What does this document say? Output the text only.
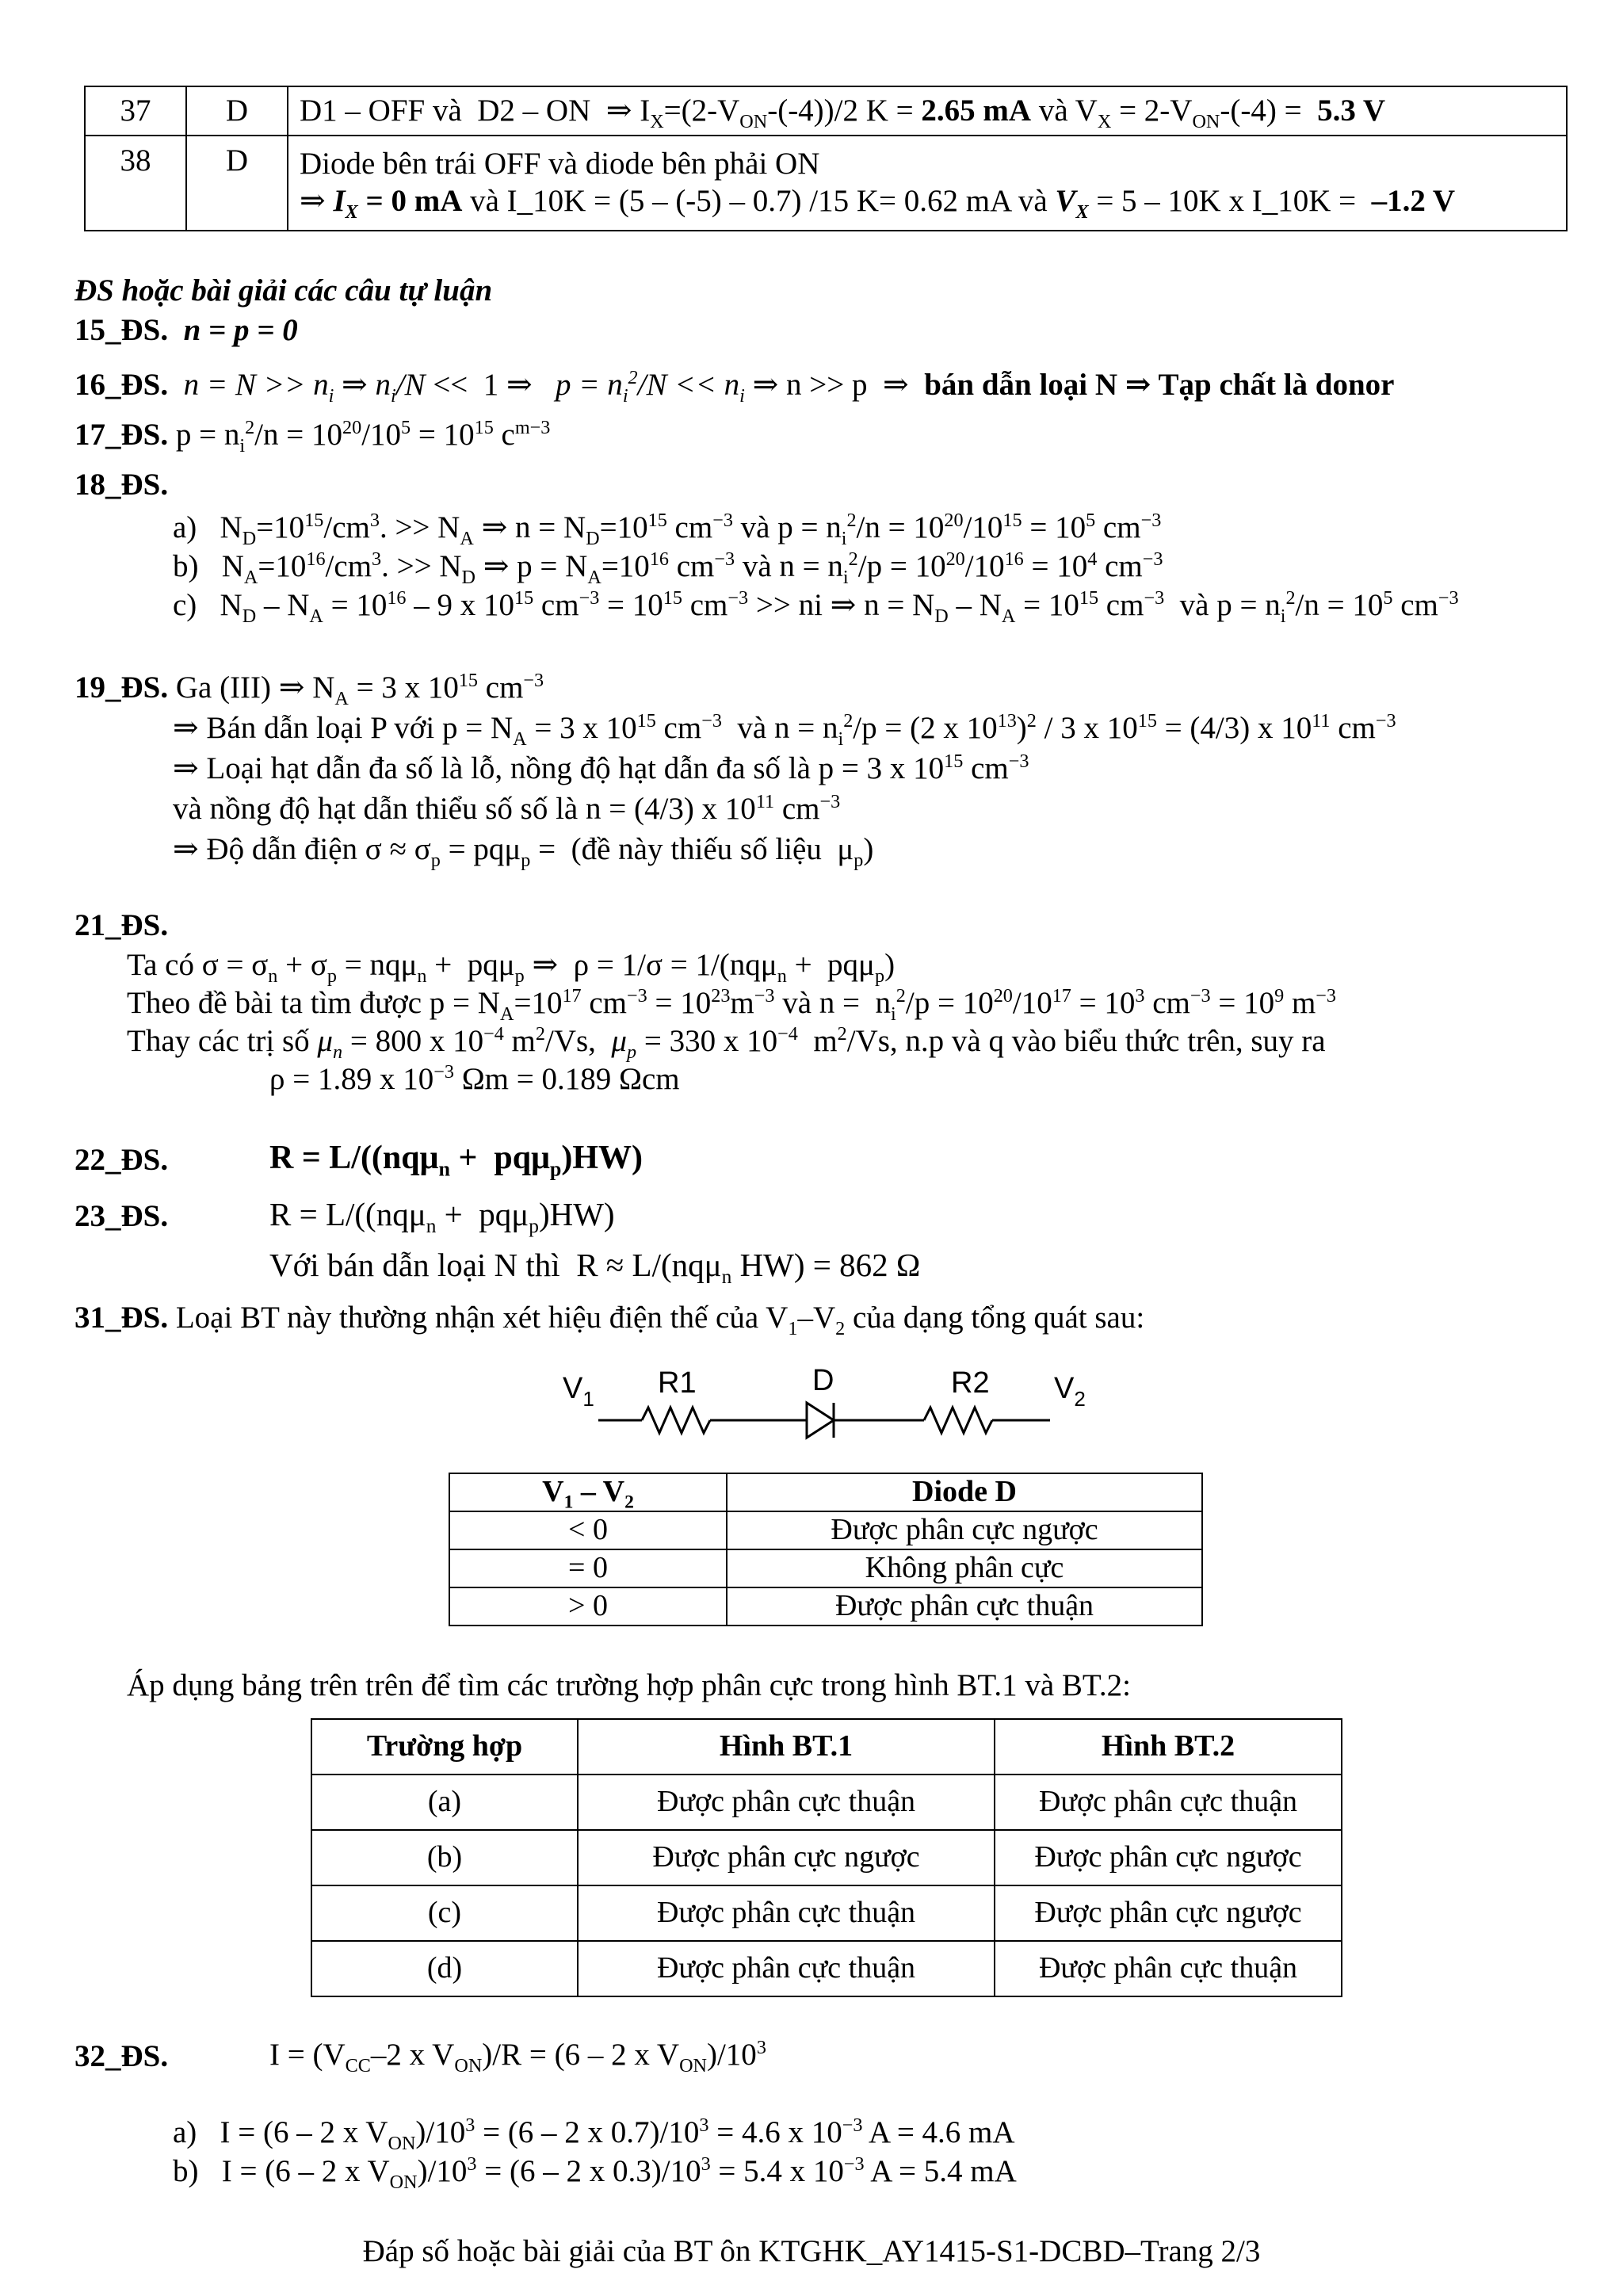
37	D	D1 – OFF và  D2 – ON  ⇒ $I_X=(2-V_{ON}-(-4))/2$ K = 2.65 mA và $V_X = 2-V_{ON}-(-4) = 5.3$ V
38	D	Diode bên trái OFF và diode bên phải ON
⇒ $I_X = 0$ mA và I_10K = (5 – (-5) – 0.7) /15 K= 0.62 mA và $V_X = 5 - 10K$ x I_10K =  –1.2 V
ĐS hoặc bài giải các câu tự luận
15_ĐS. n = p = 0
16_ĐS. $n = N >> n_i$ ⇒ $n_i/N << 1$ ⇒   $p = n_i^2/N << n_i$ ⇒ n >> p  ⇒  bán dẫn loại N ⇒ Tạp chất là donor
17_ĐS. $p = n_i^2/n = 10^{20}/10^5 = 10^{15}$ $c^{m-3}$
18_ĐS.
a)   $N_D=10^{15}/cm^3$. >> $N_A$ ⇒ $n = N_D=10^{15}$ $cm^{-3}$ và $p = n_i^2/n = 10^{20}/10^{15} = 10^5$ $cm^{-3}$
b)   $N_A=10^{16}/cm^3$. >> $N_D$ ⇒ $p = N_A=10^{16}$ $cm^{-3}$ và $n = n_i^2/p = 10^{20}/10^{16} = 10^4$ $cm^{-3}$
c)   $N_D - N_A = 10^{16} - 9$ x $10^{15}$ $cm^{-3} = 10^{15}$ $cm^{-3}$ >> ni ⇒ $n = N_D - N_A = 10^{15}$ $cm^{-3}$  và $p = n_i^2/n = 10^5$ $cm^{-3}$
19_ĐS. Ga (III) ⇒ $N_A = 3$ x $10^{15}$ $cm^{-3}$
⇒ Bán dẫn loại P với $p = N_A = 3$ x $10^{15}$ $cm^{-3}$  và $n = n_i^2/p = (2$ x $10^{13})^2 / 3$ x $10^{15} = (4/3)$ x $10^{11}$ $cm^{-3}$
⇒ Loại hạt dẫn đa số là lỗ, nồng độ hạt dẫn đa số là p = 3 x $10^{15}$ $cm^{-3}$
và nồng độ hạt dẫn thiểu số số là n = (4/3) x $10^{11}$ $cm^{-3}$
⇒ Độ dẫn điện $\sigma \approx \sigma_p = pq\mu_p$ =  (đề này thiếu số liệu  $\mu_p$)
21_ĐS.
Ta có $\sigma = \sigma_n + \sigma_p = nq\mu_n + pq\mu_p$ ⇒  ρ = 1/σ = 1/(nqμ$_n$ +  pqμ$_p$)
Theo đề bài ta tìm được $p = N_A=10^{17}$ $cm^{-3} = 10^{23}m^{-3}$ và $n = n_i^2/p = 10^{20}/10^{17} = 10^3$ $cm^{-3} = 10^9$ $m^{-3}$
Thay các trị số $\mu_n = 800$ x $10^{-4}$ $m^2/Vs$,  $\mu_p = 330$ x $10^{-4}$  $m^2/Vs$, n.p và q vào biểu thức trên, suy ra
ρ = 1.89 x $10^{-3}$ Ωm = 0.189 Ωcm
22_ĐS.	R = L/((nqμ$_n$ +  pqμ$_p$)HW)
23_ĐS.	R = L/((nqμ$_n$ +  pqμ$_p$)HW)
Với bán dẫn loại N thì  R ≈ L/(nqμ$_n$ HW) = 862 Ω
31_ĐS. Loại BT này thường nhận xét hiệu điện thế của $V_1-V_2$ của dạng tổng quát sau:
$V_1$ R1	D	R2 $V_2$
$V_1 - V_2$	Diode D
< 0	Được phân cực ngược
= 0	Không phân cực
> 0	Được phân cực thuận
Áp dụng bảng trên trên để tìm các trường hợp phân cực trong hình BT.1 và BT.2:
Trường hợp	Hình BT.1	Hình BT.2
(a)	Được phân cực thuận	Được phân cực thuận
(b)	Được phân cực ngược	Được phân cực ngược
(c)	Được phân cực thuận	Được phân cực ngược
(d)	Được phân cực thuận	Được phân cực thuận
32_ĐS.	$I = (V_{CC}-2$ x $V_{ON})/R = (6 - 2$ x $V_{ON})/10^3$
a)   I = (6 – 2 x $V_{ON})/10^3 = (6 - 2$ x $0.7)/10^3 = 4.6$ x $10^{-3}$ A = 4.6 mA
b)   I = (6 – 2 x $V_{ON})/10^3 = (6 - 2$ x $0.3)/10^3 = 5.4$ x $10^{-3}$ A = 5.4 mA
Đáp số hoặc bài giải của BT ôn KTGHK_AY1415-S1-DCBD–Trang 2/3
